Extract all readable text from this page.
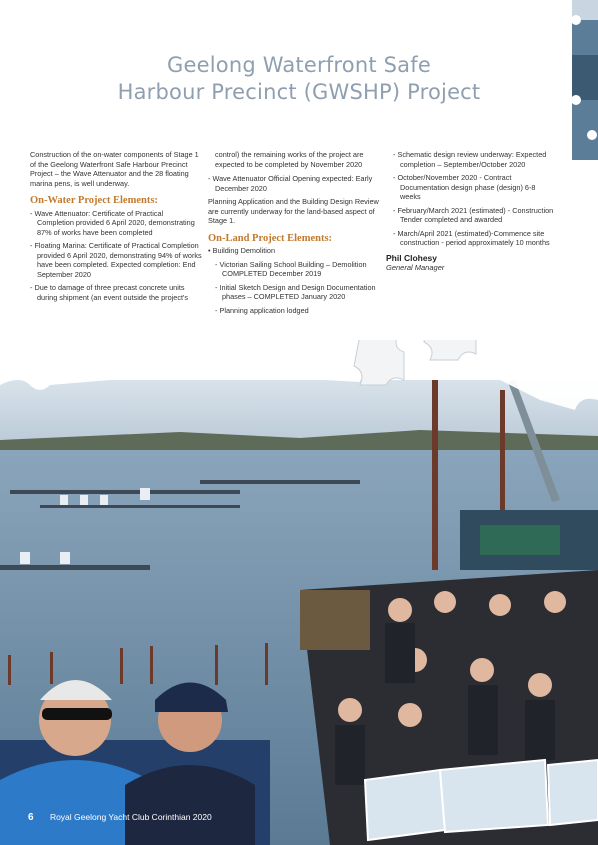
Geelong Waterfront Safe
Harbour Precinct (GWSHP) Project

Construction of the on-water components of Stage 1 of the Geelong Waterfront Safe Harbour Precinct Project – the Wave Attenuator and the 28 floating marina pens, is well underway.

On-Water Project Elements:
- Wave Attenuator: Certificate of Practical Completion provided 6 April 2020, demonstrating 87% of works have been completed
- Floating Marina: Certificate of Practical Completion provided 6 April 2020, demonstrating 94% of works have been completed. Expected completion: End September 2020
- Due to damage of three precast concrete units during shipment (an event outside the project's

control) the remaining works of the project are expected to be completed by November 2020

- Wave Attenuator Official Opening expected: Early December 2020

Planning Application and the Building Design Review are currently underway for the land-based aspect of Stage 1.

On-Land Project Elements:
• Building Demolition
- Victorian Sailing School Building – Demolition COMPLETED December 2019
- Initial Sketch Design and Design Documentation phases – COMPLETED January 2020
- Planning application lodged
- Schematic design review underway: Expected completion – September/October 2020
- October/November 2020 - Contract Documentation design phase (design) 6-8 weeks
- February/March 2021 (estimated) - Construction Tender completed and awarded
- March/April 2021 (estimated)-Commence site construction - period approximately 10 months
Phil Clohesy
General Manager
6 Royal Geelong Yacht Club Corinthian 2020
